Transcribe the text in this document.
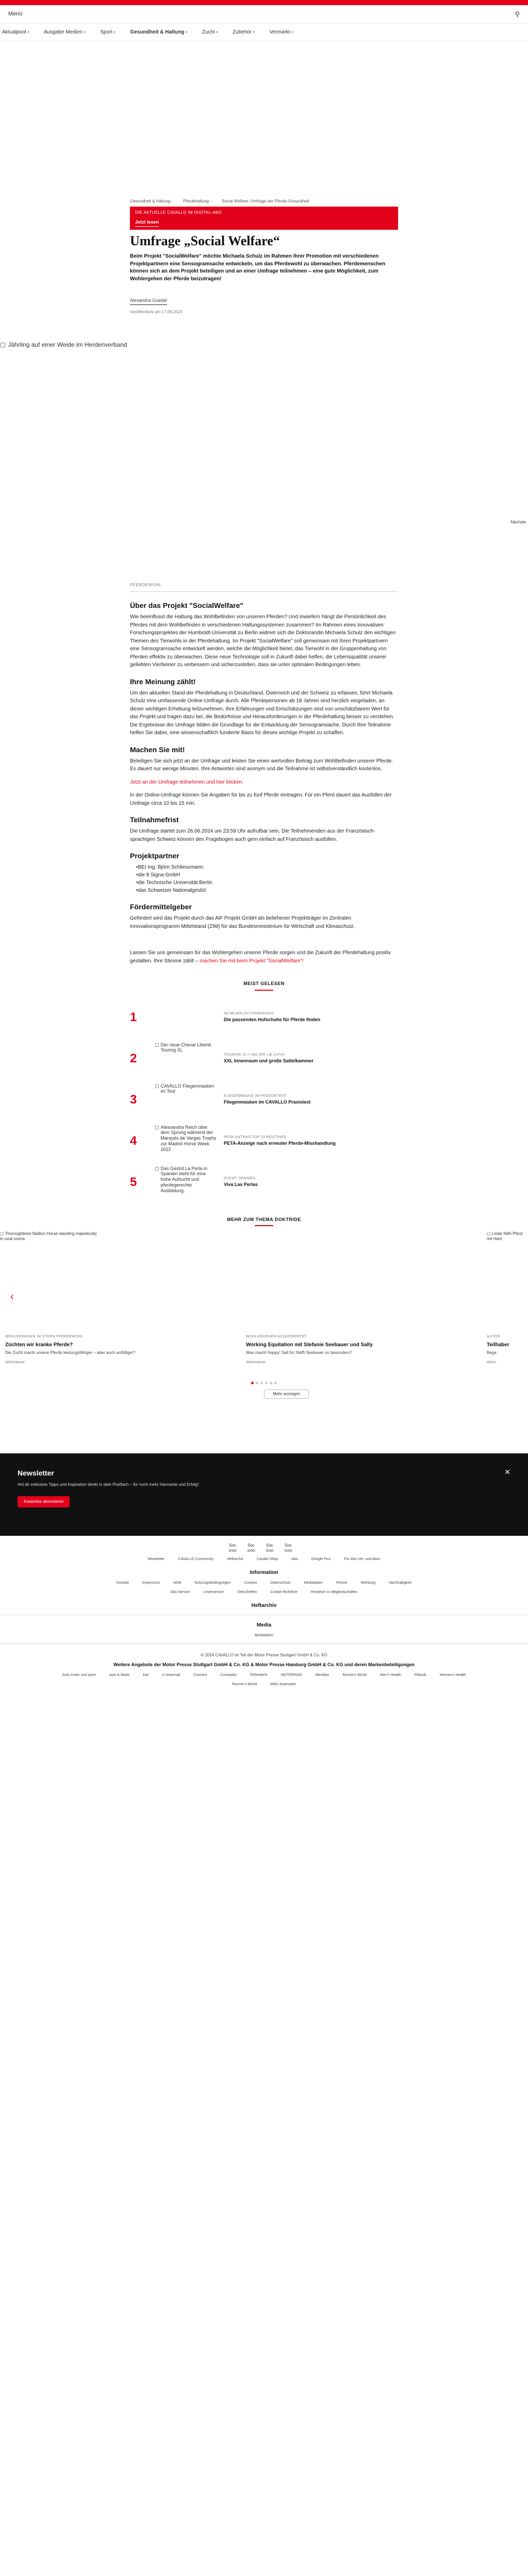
Menü	⚲
Aktualpool ▾	Ausgabe Medien ▾	Sport ▾	Gesundheit & Haltung ▾	Zucht ▾	Zubehör ▾	Vermarkt ▾
Gesundheit & Haltung ›	Pferdehaltung ›	Social Welfare: Umfrage der Pferde-Gesundheit
DIE AKTUELLE CAVALLO IM DIGITAL-ABO
Jetzt lesen
Umfrage „Social Welfare“
Beim Projekt "SocialWelfare" möchte Michaela Schulz im Rahmen ihrer Promotion mit verschiedenen Projektpartnern eine Sensogramsache entwickeln, um das Pferdewohl zu überwachen. Pferdemenschen können sich an dem Projekt beteiligen und an einer Umfrage teilnehmen – eine gute Möglichkeit, zum Wohlergehen der Pferde beizutragen!
Alexandra Goedel
Veröffentlicht am 17.06.2024
▢ Jährling auf einer Weide im Herdenverband
Nächste
PFERDEWOHL
Über das Projekt "SocialWelfare"

Wie beeinflusst die Haltung das Wohlbefinden von unseren Pferden? Und inwiefern hängt die Persönlichkeit des Pferdes mit dem Wohlbefinden in verschiedenen Haltungssystemen zusammen? Im Rahmen eines innovativen Forschungsprojektes der Humboldt-Universität zu Berlin widmet sich die Doktorandin Michaela Schulz den wichtigen Themen des Tierwohls in der Pferdehaltung. Im Projekt "SocialWelfare" soll gemeinsam mit ihren Projektpartnern eine Sensogramsache entwickelt werden, welche die Möglichkeit bietet, das Tierwohl in der Gruppenhaltung von Pferden effektiv zu überwachen. Diese neue Technologie soll in Zukunft dabei helfen, die Lebensqualität unserer geliebten Vierbeiner zu verbessern und sicherzustellen, dass sie unter optimalen Bedingungen leben.

Ihre Meinung zählt!

Um den aktuellen Stand der Pferdehaltung in Deutschland, Österreich und der Schweiz zu erfassen, führt Michaela Schulz eine umfassende Online-Umfrage durch. Alle Pferdepersonen ab 18 Jahren sind herzlich eingeladen, an dieser wichtigen Erhebung teilzunehmen. Ihre Erfahrungen und Einschätzungen sind von unschätzbarem Wert für das Projekt und tragen dazu bei, die Bedürfnisse und Herausforderungen in der Pferdehaltung besser zu verstehen. Die Ergebnisse der Umfrage bilden die Grundlage für die Entwicklung der Sensogramsache. Durch Ihre Teilnahme helfen Sie dabei, eine wissenschaftlich fundierte Basis für dieses wichtige Projekt zu schaffen.

Machen Sie mit!

Beteiligen Sie sich jetzt an der Umfrage und leisten Sie einen wertvollen Beitrag zum Wohlbefinden unserer Pferde. Es dauert nur wenige Minuten. Ihre Antworten sind anonym und die Teilnahme ist selbstverständlich kostenlos.

Jetzt an der Umfrage teilnehmen und hier klicken.

In der Online-Umfrage können Sie Angaben für bis zu fünf Pferde eintragen. Für ein Pferd dauert das Ausfüllen der Umfrage circa 10 bis 15 min.

Teilnahmefrist

Die Umfrage startet zum 26.06.2024 um 23:59 Uhr aufrufbar sein. Die Teilnehmenden aus der Französisch-sprachigen Schweiz können den Fragebogen auch gern einfach auf Französisch ausfüllen.

Projektpartner
• BEI Ing. Björn Schliessmann
• die 8 Signa GmbH
• die Technische Universität Berlin
• das Schweizer Nationalgestüt
Fördermittelgeber

Gefördert wird das Projekt durch das AiF Projekt GmbH als beliehener Projektträger im Zentralen Innovationsprogramm Mittelstand (ZIM) für das Bundesministerium für Wirtschaft und Klimaschutz.

Lassen Sie uns gemeinsam für das Wohlergehen unserer Pferde sorgen und die Zukunft der Pferdehaltung positiv gestalten. Ihre Stimme zählt – machen Sie mit beim Projekt "SocialWelfare"!

MEIST GELESEN
1	IM NEUEN GUTSPARADIES
Die passenden Hufschuhe für Pferde finden
2
▢ Der neue Chevat Libertè Touring XL
TOURING XL / HALTER LIE CHVH
XXL Innenraum und große Sattelkammer
3
▢ CAVALLO Fliegenmasken im Test
FLIEGENMASKE IM PRODUKTEST
Fliegenmasken im CAVALLO Praxistest
4
▢ Alessandra Reich über dem Sprung während der Marqués de Vargas Trophy zur Madrid Horse Week 2022
PETA-ANTRAG TOP 15 ROUTINES
PETA-Anzeige nach erneuter Pferde-Misshandlung
5
▢ Das Gestüt La Perla in Spanien steht für eine hohe Aufzucht und pferdegerechte Ausbildung.
ZUCHT, SPANIEN
Viva Las Perlas
MEHR ZUM THEMA DOKTRIDE
▢ Thoroughbred Stallion Horse standing majestically in rural scene.
▢ Linda Teilh Pferd mit Ham
‹
WOHLERGEHEN IM STERN PFERDEWOHL
Züchten wir kranke Pferde?
Die Zucht macht unsere Pferde leistungsfähiger – aber auch anfälliger?
Wohnräume
WOHLERGEHEN AUSGEWERTET
Working Equitation mit Stefanie Seebauer und Sally
Was macht Happy’ Sall für Steffi Seebauer so besonders?
Wohnräume
AUTOR
Teilhaber
Bega
Wohn
Mehr anzeigen
Newsletter
Hol dir exklusive Tipps und Inspiration direkt in dein Postfach – für noch mehr Harmonie und Erfolg!
Kostenlos abonnieren
✕
Soc icon
Soc icon
Soc icon
Soc icon
Newsletter	CAVALLO Community	Heftarchiv	Cavallo Shop	Abo	Google Pics	Für Abo-Ver. und Abos
Information
Kontakt	Impressum	AGB	Nutzungsbedingungen	Cookies	Datenschutz	Mediadaten	Presse	Werbung	Nachhaltigkeit
Abo Service	Leserservice	Zeitschriften	Cookie-Richtlinie	Hinweise zu Mitgliedschaften
Heftarchiv
Media
Mediadaten
© 2024 CAVALLO ist Teil der Motor Presse Stuttgart GmbH & Co. KG
Weitere Angebote der Motor Presse Stuttgart GmbH & Co. KG & Motor Presse Hamburg GmbH & Co. KG und deren Markenbeteiligungen
Auto motor und sport	auto & Mode	Kar	ci motorrad	Connect	Crosstabs	Pefriedertz	MOTORRAD	Meridian	Runners World	Men's Health	Fitbook	Women's Health
Runner's World	Mehr Automarkt
